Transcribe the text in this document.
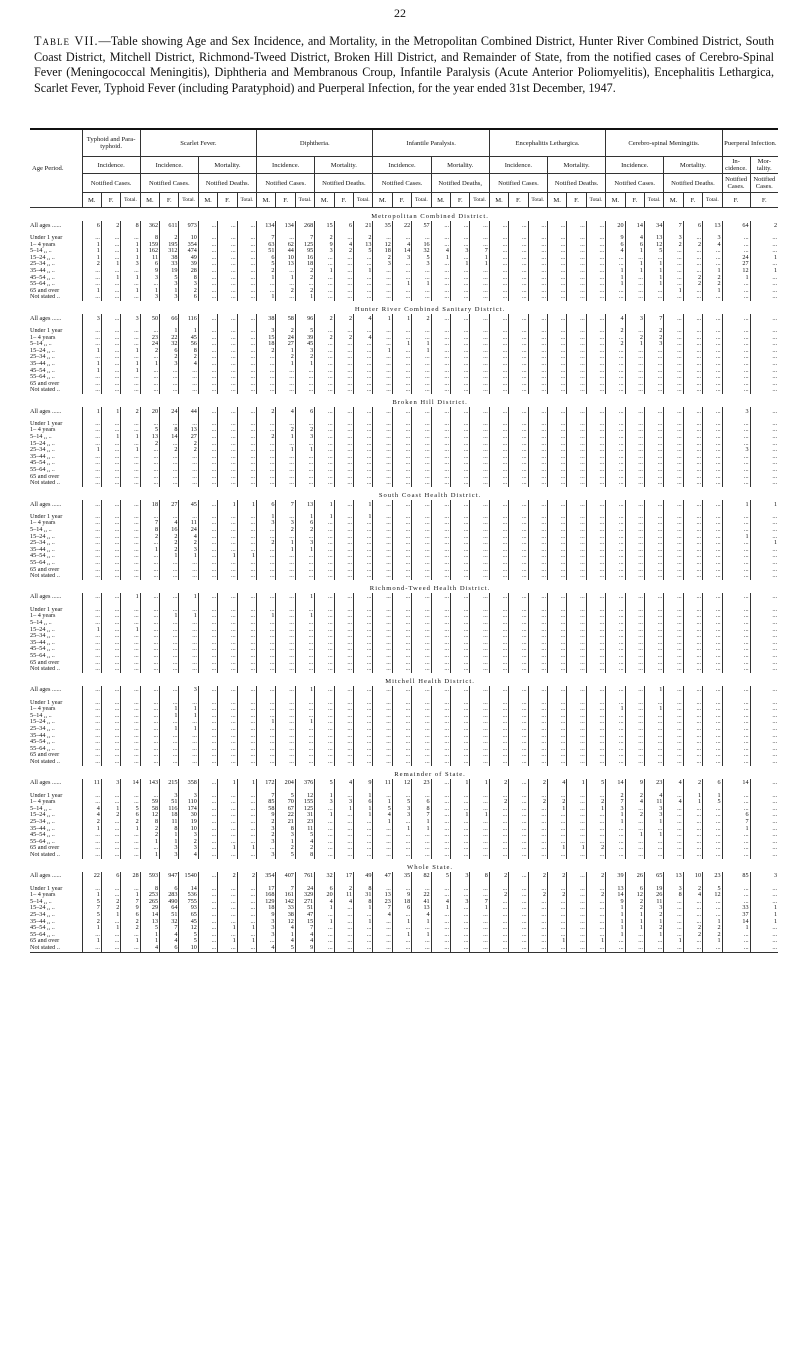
22
Table VII.—Table showing Age and Sex Incidence, and Mortality, in the Metropolitan Combined District, Hunter River Combined District, South Coast District, Mitchell District, Richmond-Tweed District, Broken Hill District, and Remainder of State, from the notified cases of Cerebro-Spinal Fever (Meningococcal Meningitis), Diphtheria and Membranous Croup, Infantile Paralysis (Acute Anterior Poliomyelitis), Encephalitis Lethargica, Scarlet Fever, Typhoid Fever (including Paratyphoid) and Puerperal Infection, for the year ended 31st December, 1947.
Age Period.	Typhoid and Para-typhoid.			Scarlet Fever.						Diphtheria.						Infantile Paralysis.						Encephalitis Lethargica.						Cerebro-spinal Meningitis.						Puerperal Infection.	
	Incidence.			Incidence.			Mortality.			Incidence.			Mortality.			Incidence.			Mortality.			Incidence.			Mortality.			Incidence.			Mortality.			In-cidence.	Mor-tality.
	Notified Cases.			Notified Cases.			Notified Deaths.			Notified Cases.			Notified Deaths.			Notified Cases.			Notified Deaths,			Notified Cases.			Notified Deaths.			Notified Cases.			Notified Deaths.			Notified Cases.	Notified Cases.
	M.	F.	Total.	M.	F.	Total.	M.	F.	Total.	M.	F.	Total.	M.	F.	Total.	M.	F.	Total.	M.	F.	Total.	M.	F.	Total.	M.	F.	Total.	M.	F.	Total.	M.	F.	Total.	F.	F.
	Metropolitan Combined District.																																		
All ages ......	6	2	8	362	611	973	...	...	...	134	134	268	15	6	21	35	22	57	...	...	...	...	...	...	...	...	...	20	14	34	7	6	13	64	2

Under 1 year	...	...	...	8	2	10	...	...	...	7	...	7	2	...	2	...	...	...	...	...	...	...	...	...	...	...	...	9	4	13	3	...	3	...	...
1– 4 years	1	...	1	159	195	354	...	...	...	63	62	125	9	4	13	12	4	16	...	...	...	...	...	...	...	...	...	6	6	12	2	2	4	...	...
5–14 ,, ..	1	...	1	162	312	474	...	...	...	51	44	95	3	2	5	18	14	32	4	3	7	...	...	...	...	...	...	4	1	5	...	...	...	...	...
15–24 ,, ..	1	...	1	11	38	49	...	...	...	6	10	16	...	...	...	2	3	5	1	...	1	...	...	...	...	...	...	...	...	...	...	...	...	24	1
25–34 ,, ..	2	1	3	6	33	39	...	...	...	5	13	18	...	...	...	3	...	3	...	1	1	...	...	...	...	...	...	...	1	1	...	...	...	27	...
35–44 ,, ..	...	...	...	9	19	28	...	...	...	2	...	2	1	...	1	...	...	...	...	...	...	...	...	...	...	...	...	1	1	1	...	...	1	12	1
45–54 ,, ..	...	1	1	3	5	8	...	...	...	1	1	2	...	...	...	...	...	...	...	...	...	...	...	...	...	...	...	1	...	1	...	2	2	1	...
55–64 ,, ..	...	...	...	...	3	3	...	...	...	...	...	...	...	...	...	...	1	1	...	...	...	...	...	...	...	...	...	1	...	1	...	2	2	...	...
65 and over	1	...	1	1	1	2	...	...	...	...	2	2	...	...	...	...	...	...	...	...	...	...	...	...	...	...	...	...	...	...	1	...	1	...	...
Not stated ..	...	...	...	3	3	6	...	...	...	1	...	1	...	...	...	...	...	...	...	...	...	...	...	...	...	...	...	...	...	...	...	...	...	...	...
	Hunter River Combined Sanitary District.																																		
All ages ......	3	...	3	50	66	116	...	...	...	38	58	96	2	2	4	1	1	2	...	...	...	...	...	...	...	...	...	4	3	7	...	...	...	...	...

Under 1 year	...	...	...	...	1	1	...	...	...	3	2	5	...	...	...	...	...	...	...	...	...	...	...	...	...	...	...	2	...	2	...	...	...	...	...
1– 4 years	...	...	...	23	22	45	...	...	...	15	24	39	2	2	4	...	...	...	...	...	...	...	...	...	...	...	...	...	2	2	...	...	...	...	...
5–14 ,, ..	...	...	...	24	32	56	...	...	...	18	27	45	...	...	...	...	1	1	...	...	...	...	...	...	...	...	...	2	1	3	...	...	...	...	...
15–24 ,, ..	1	...	1	2	6	8	...	...	...	2	1	3	...	...	...	1	...	1	...	...	...	...	...	...	...	...	...	...	...	...	...	...	...	...	...
25–34 ,, ..	...	...	...	...	2	2	...	...	...	...	2	2	...	...	...	...	...	...	...	...	...	...	...	...	...	...	...	...	...	...	...	...	...	...	...
35–44 ,, ..	1	...	1	1	3	4	...	...	...	...	1	1	...	...	...	...	...	...	...	...	...	...	...	...	...	...	...	...	...	...	...	...	...	...	...
45–54 ,, ..	1	...	1	...	...	...	...	...	...	...	...	...	...	...	...	...	...	...	...	...	...	...	...	...	...	...	...	...	...	...	...	...	...	...	...
55–64 ,, ..	...	...	...	...	...	...	...	...	...	...	...	...	...	...	...	...	...	...	...	...	...	...	...	...	...	...	...	...	...	...	...	...	...	...	...
65 and over	...	...	...	...	...	...	...	...	...	...	...	...	...	...	...	...	...	...	...	...	...	...	...	...	...	...	...	...	...	...	...	...	...	...	...
Not stated ..	...	...	...	...	...	...	...	...	...	...	...	...	...	...	...	...	...	...	...	...	...	...	...	...	...	...	...	...	...	...	...	...	...	...	...
	Broken Hill District.																																		
All ages ......	1	1	2	20	24	44	...	...	...	2	4	6	...	...	...	...	...	...	...	...	...	...	...	...	...	...	...	...	...	...	...	...	...	3	...

Under 1 year	...	...	...	...	...	...	...	...	...	...	...	...	...	...	...	...	...	...	...	...	...	...	...	...	...	...	...	...	...	...	...	...	...	...	...
1– 4 years	...	...	...	5	8	13	...	...	...	...	2	2	...	...	...	...	...	...	...	...	...	...	...	...	...	...	...	...	...	...	...	...	...	...	...
5–14 ,, ..	...	1	1	13	14	27	...	...	...	2	1	3	...	...	...	...	...	...	...	...	...	...	...	...	...	...	...	...	...	...	...	...	...	...	...
15–24 ,, ..	...	...	...	2	...	2	...	...	...	...	...	...	...	...	...	...	...	...	...	...	...	...	...	...	...	...	...	...	...	...	...	...	...	...	...
25–34 ,, ..	1	...	1	...	2	2	...	...	...	...	1	1	...	...	...	...	...	...	...	...	...	...	...	...	...	...	...	...	...	...	...	...	...	3	...
35–44 ,, ..	...	...	...	...	...	...	...	...	...	...	...	...	...	...	...	...	...	...	...	...	...	...	...	...	...	...	...	...	...	...	...	...	...	...	...
45–54 ,, ..	...	...	...	...	...	...	...	...	...	...	...	...	...	...	...	...	...	...	...	...	...	...	...	...	...	...	...	...	...	...	...	...	...	...	...
55–64 ,, ..	...	...	...	...	...	...	...	...	...	...	...	...	...	...	...	...	...	...	...	...	...	...	...	...	...	...	...	...	...	...	...	...	...	...	...
65 and over	...	...	...	...	...	...	...	...	...	...	...	...	...	...	...	...	...	...	...	...	...	...	...	...	...	...	...	...	...	...	...	...	...	...	...
Not stated ..	...	...	...	...	...	...	...	...	...	...	...	...	...	...	...	...	...	...	...	...	...	...	...	...	...	...	...	...	...	...	...	...	...	...	...
	South Coast Health District.																																		
All ages ......	...	...	...	18	27	45	...	1	1	6	7	13	1	...	1	...	...	...	...	...	...	...	...	...	...	...	...	...	...	...	...	...	...	1	1

Under 1 year	...	...	...	...	...	...	...	...	...	1	...	1	1	...	1	...	...	...	...	...	...	...	...	...	...	...	...	...	...	...	...	...	...	...	...
1– 4 years	...	...	...	7	4	11	...	...	...	3	3	6	...	...	...	...	...	...	...	...	...	...	...	...	...	...	...	...	...	...	...	...	...	...	...
5–14 ,, ..	...	...	...	8	16	24	...	...	...	...	2	2	...	...	...	...	...	...	...	...	...	...	...	...	...	...	...	...	...	...	...	...	...	...	...
15–24 ,, ..	...	...	...	2	2	4	...	...	...	...	...	...	...	...	...	...	...	...	...	...	...	...	...	...	...	...	...	...	...	...	...	...	...	1	...
25–34 ,, ..	...	...	...	...	2	2	...	...	...	2	1	3	...	...	...	...	...	...	...	...	...	...	...	...	...	...	...	...	...	...	...	...	...	...	1
35–44 ,, ..	...	...	...	1	2	3	...	...	...	...	1	1	...	...	...	...	...	...	...	...	...	...	...	...	...	...	...	...	...	...	...	...	...	...	...
45–54 ,, ..	...	...	...	...	1	1	...	1	1	...	...	...	...	...	...	...	...	...	...	...	...	...	...	...	...	...	...	...	...	...	...	...	...	...	...
55–64 ,, ..	...	...	...	...	...	...	...	...	...	...	...	...	...	...	...	...	...	...	...	...	...	...	...	...	...	...	...	...	...	...	...	...	...	...	...
65 and over	...	...	...	...	...	...	...	...	...	...	...	...	...	...	...	...	...	...	...	...	...	...	...	...	...	...	...	...	...	...	...	...	...	...	...
Not stated ..	...	...	...	...	...	...	...	...	...	...	...	...	...	...	...	...	...	...	...	...	...	...	...	...	...	...	...	...	...	...	...	...	...	...	...
	Richmond-Tweed Health District.																																		
All ages ......	...	...	1	...	...	1	...	...	...	...	...	1	...	...	...	...	...	...	...	...	...	...	...	...	...	...	...	...	...	...	...	...	...	...	...

Under 1 year	...	...	...	...	...	...	...	...	...	...	...	...	...	...	...	...	...	...	...	...	...	...	...	...	...	...	...	...	...	...	...	...	...	...	...
1– 4 years	...	...	...	...	1	1	...	...	...	1	...	1	...	...	...	...	...	...	...	...	...	...	...	...	...	...	...	...	...	...	...	...	...	...	...
5–14 ,, ..	...	...	...	...	...	...	...	...	...	...	...	...	...	...	...	...	...	...	...	...	...	...	...	...	...	...	...	...	...	...	...	...	...	...	...
15–24 ,, ..	1	...	1	...	...	...	...	...	...	...	...	...	...	...	...	...	...	...	...	...	...	...	...	...	...	...	...	...	...	...	...	...	...	...	...
25–34 ,, ..	...	...	...	...	...	...	...	...	...	...	...	...	...	...	...	...	...	...	...	...	...	...	...	...	...	...	...	...	...	...	...	...	...	...	...
35–44 ,, ..	...	...	...	...	...	...	...	...	...	...	...	...	...	...	...	...	...	...	...	...	...	...	...	...	...	...	...	...	...	...	...	...	...	...	...
45–54 ,, ..	...	...	...	...	...	...	...	...	...	...	...	...	...	...	...	...	...	...	...	...	...	...	...	...	...	...	...	...	...	...	...	...	...	...	...
55–64 ,, ..	...	...	...	...	...	...	...	...	...	...	...	...	...	...	...	...	...	...	...	...	...	...	...	...	...	...	...	...	...	...	...	...	...	...	...
65 and over	...	...	...	...	...	...	...	...	...	...	...	...	...	...	...	...	...	...	...	...	...	...	...	...	...	...	...	...	...	...	...	...	...	...	...
Not stated ..	...	...	...	...	...	...	...	...	...	...	...	...	...	...	...	...	...	...	...	...	...	...	...	...	...	...	...	...	...	...	...	...	...	...	...
	Mitchell Health District.																																		
All ages ......	...	...	...	...	...	3	...	...	...	...	...	1	...	...	...	...	...	...	...	...	...	...	...	...	...	...	...	...	...	1	...	...	...	...	...

Under 1 year	...	...	...	...	...	...	...	...	...	...	...	...	...	...	...	...	...	...	...	...	...	...	...	...	...	...	...	...	...	...	...	...	...	...	...
1– 4 years	...	...	...	...	1	1	...	...	...	...	...	...	...	...	...	...	...	...	...	...	...	...	...	...	...	...	...	1	...	1	...	...	...	...	...
5–14 ,, ..	...	...	...	...	1	1	...	...	...	...	...	...	...	...	...	...	...	...	...	...	...	...	...	...	...	...	...	...	...	...	...	...	...	...	...
15–24 ,, ..	...	...	...	...	...	...	...	...	...	1	...	1	...	...	...	...	...	...	...	...	...	...	...	...	...	...	...	...	...	...	...	...	...	...	...
25–34 ,, ..	...	...	...	...	1	1	...	...	...	...	...	...	...	...	...	...	...	...	...	...	...	...	...	...	...	...	...	...	...	...	...	...	...	...	...
35–44 ,, ..	...	...	...	...	...	...	...	...	...	...	...	...	...	...	...	...	...	...	...	...	...	...	...	...	...	...	...	...	...	...	...	...	...	...	...
45–54 ,, ..	...	...	...	...	...	...	...	...	...	...	...	...	...	...	...	...	...	...	...	...	...	...	...	...	...	...	...	...	...	...	...	...	...	...	...
55–64 ,, ..	...	...	...	...	...	...	...	...	...	...	...	...	...	...	...	...	...	...	...	...	...	...	...	...	...	...	...	...	...	...	...	...	...	...	...
65 and over	...	...	...	...	...	...	...	...	...	...	...	...	...	...	...	...	...	...	...	...	...	...	...	...	...	...	...	...	...	...	...	...	...	...	...
Not stated ..	...	...	...	...	...	...	...	...	...	...	...	...	...	...	...	...	...	...	...	...	...	...	...	...	...	...	...	...	...	...	...	...	...	...	...
	Remainder of State.																																		
All ages ......	11	3	14	143	215	358	...	1	1	172	204	376	5	4	9	11	12	23	...	1	1	2	...	2	4	1	5	14	9	23	4	2	6	14	...

Under 1 year	...	...	...	...	3	3	...	...	...	7	5	12	1	...	1	...	...	...	...	...	...	...	...	...	...	...	...	2	2	4	...	1	1	...	...
1– 4 years	...	...	...	59	51	110	...	...	...	85	70	155	3	3	6	1	5	6	...	...	...	2	...	2	2	...	2	7	4	11	4	1	5	...	...
5–14 ,, ..	4	1	5	58	116	174	...	...	...	58	67	125	...	1	1	5	3	8	...	...	...	...	...	...	1	...	1	3	...	3	...	...	...	...	...
15–24 ,, ..	4	2	6	12	18	30	...	...	...	9	22	31	1	...	1	4	3	7	...	1	1	...	...	...	...	...	...	1	2	3	...	...	...	6	...
25–34 ,, ..	2	...	2	8	11	19	...	...	...	2	21	23	...	...	...	1	...	1	...	...	...	...	...	...	...	...	...	1	...	1	...	...	...	7	...
35–44 ,, ..	1	...	1	2	8	10	...	...	...	3	8	11	...	...	...	...	1	1	...	...	...	...	...	...	...	...	...	...	...	...	...	...	...	1	...
45–54 ,, ..	...	...	...	2	1	3	...	...	...	2	3	5	...	...	...	...	...	...	...	...	...	...	...	...	...	...	...	...	1	1	...	...	...	...	...
55–64 ,, ..	...	...	...	1	1	2	...	...	...	3	1	4	...	...	...	...	...	...	...	...	...	...	...	...	...	...	...	...	...	...	...	...	...	...	...
65 and over	...	...	...	...	3	3	...	1	1	...	2	2	...	...	...	...	...	...	...	...	...	...	...	...	1	1	2	...	...	...	...	...	...	...	...
Not stated ..	...	...	...	1	3	4	...	...	...	3	5	8	...	...	...	...	...	...	...	...	...	...	...	...	...	...	...	...	...	...	...	...	...	...	...
	Whole State.																																		
All ages ......	22	6	28	593	947	1540	...	2	2	354	407	761	32	17	49	47	35	82	5	3	8	2	...	2	2	...	2	39	26	65	13	10	23	85	3

Under 1 year	...	...	...	8	6	14	...	...	...	17	7	24	6	2	8	...	...	...	...	...	...	...	...	...	...	...	...	13	6	19	3	2	5	...	...
1– 4 years	1	...	1	253	283	536	...	...	...	168	161	329	20	11	31	13	9	22	...	...	...	2	...	2	2	...	2	14	12	26	8	4	12	...	...
5–14 ,, ..	5	2	7	265	490	755	...	...	...	129	142	271	4	4	8	23	18	41	4	3	7	...	...	...	...	...	...	9	2	11	...	...	...	...	...
15–24 ,, ..	7	2	9	29	64	93	...	...	...	18	33	51	1	...	1	7	6	13	1	...	1	...	...	...	...	...	...	1	2	3	...	...	...	33	1
25–34 ,, ..	5	1	6	14	51	65	...	...	...	9	38	47	...	...	...	4	...	4	...	...	...	...	...	...	...	...	...	1	1	2	...	...	...	37	1
35–44 ,, ..	2	...	2	13	32	45	...	...	...	3	12	15	1	...	1	...	1	1	...	...	...	...	...	...	...	...	...	1	1	1	...	...	1	14	1
45–54 ,, ..	1	1	2	5	7	12	...	1	1	3	4	7	...	...	...	...	...	...	...	...	...	...	...	...	...	...	...	1	1	2	...	2	2	1	...
55–64 ,, ..	...	...	...	1	4	5	...	...	...	3	1	4	...	...	...	...	1	1	...	...	...	...	...	...	...	...	...	1	...	1	...	2	2	...	...
65 and over	1	...	1	1	4	5	...	1	1	...	4	4	...	...	...	...	...	...	...	...	...	...	...	...	1	...	1	...	...	...	1	...	1	...	...
Not stated ..	...	...	...	4	6	10	...	...	...	4	5	9	...	...	...	...	...	...	...	...	...	...	...	...	...	...	...	...	...	...	...	...	...	...	...
